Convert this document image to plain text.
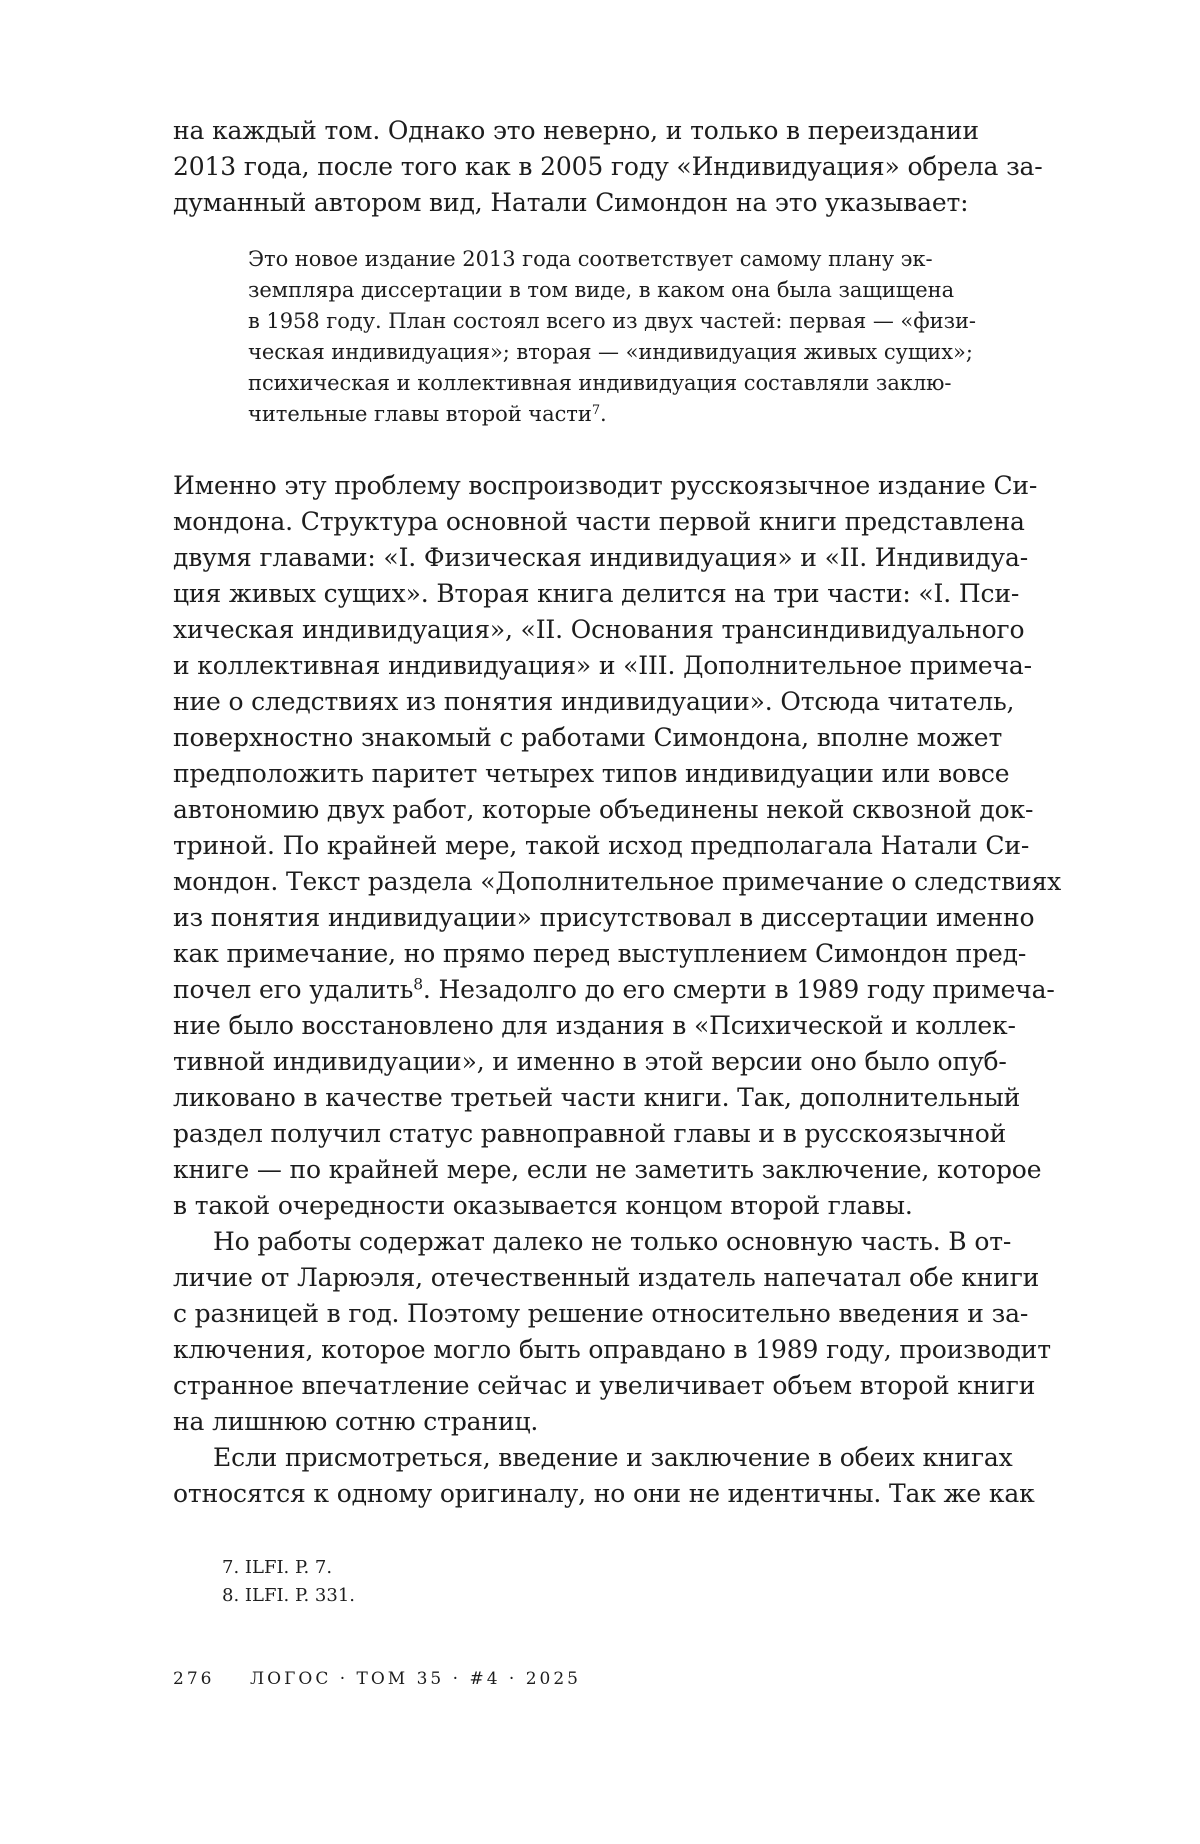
на каждый том. Однако это неверно, и только в переиздании

2013 года, после того как в 2005 году «Индивидуация» обрела за-

думанный автором вид, Натали Симондон на это указывает:

Это новое издание 2013 года соответствует самому плану эк-

земпляра диссертации в том виде, в каком она была защищена

в 1958 году. План состоял всего из двух частей: первая — «физи-

ческая индивидуация»; вторая — «индивидуация живых сущих»;

психическая и коллективная индивидуация составляли заклю-

чительные главы второй части$^7$.

Именно эту проблему воспроизводит русскоязычное издание Си-

мондона. Структура основной части первой книги представлена

двумя главами: «I. Физическая индивидуация» и «II. Индивидуа-

ция живых сущих». Вторая книга делится на три части: «I. Пси-

хическая индивидуация», «II. Основания трансиндивидуального

и коллективная индивидуация» и «III. Дополнительное примеча-

ние о следствиях из понятия индивидуации». Отсюда читатель,

поверхностно знакомый с работами Симондона, вполне может

предположить паритет четырех типов индивидуации или вовсе

автономию двух работ, которые объединены некой сквозной док-

триной. По крайней мере, такой исход предполагала Натали Си-

мондон. Текст раздела «Дополнительное примечание о следствиях

из понятия индивидуации» присутствовал в диссертации именно

как примечание, но прямо перед выступлением Симондон пред-

почел его удалить$^8$. Незадолго до его смерти в 1989 году примеча-

ние было восстановлено для издания в «Психической и коллек-

тивной индивидуации», и именно в этой версии оно было опуб-

ликовано в качестве третьей части книги. Так, дополнительный

раздел получил статус равноправной главы и в русскоязычной

книге — по крайней мере, если не заметить заключение, которое

в такой очередности оказывается концом второй главы.

Но работы содержат далеко не только основную часть. В от-

личие от Ларюэля, отечественный издатель напечатал обе книги

с разницей в год. Поэтому решение относительно введения и за-

ключения, которое могло быть оправдано в 1989 году, производит

странное впечатление сейчас и увеличивает объем второй книги

на лишнюю сотню страниц.

Если присмотреться, введение и заключение в обеих книгах

относятся к одному оригиналу, но они не идентичны. Так же как

7. ILFI. P. 7.

8. ILFI. P. 331.

276 ЛОГОС · ТОМ 35 · #4 · 2025
